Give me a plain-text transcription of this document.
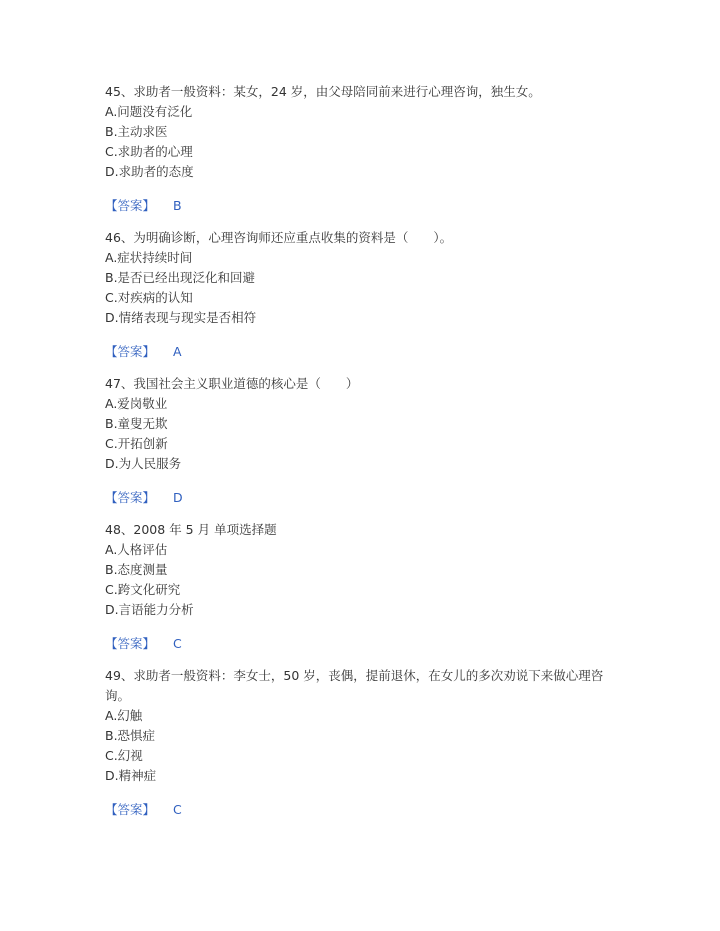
45、求助者一般资料：某女，24 岁，由父母陪同前来进行心理咨询，独生女。

A.问题没有泛化

B.主动求医

C.求助者的心理

D.求助者的态度

【答案】 B

46、为明确诊断，心理咨询师还应重点收集的资料是（　　）。

A.症状持续时间

B.是否已经出现泛化和回避

C.对疾病的认知

D.情绪表现与现实是否相符

【答案】 A

47、我国社会主义职业道德的核心是（　　）

A.爱岗敬业

B.童叟无欺

C.开拓创新

D.为人民服务

【答案】 D

48、2008 年 5 月 单项选择题

A.人格评估

B.态度测量

C.跨文化研究

D.言语能力分析

【答案】 C

49、求助者一般资料：李女士，50 岁，丧偶，提前退休，在女儿的多次劝说下来做心理咨询。

A.幻触

B.恐惧症

C.幻视

D.精神症

【答案】 C
